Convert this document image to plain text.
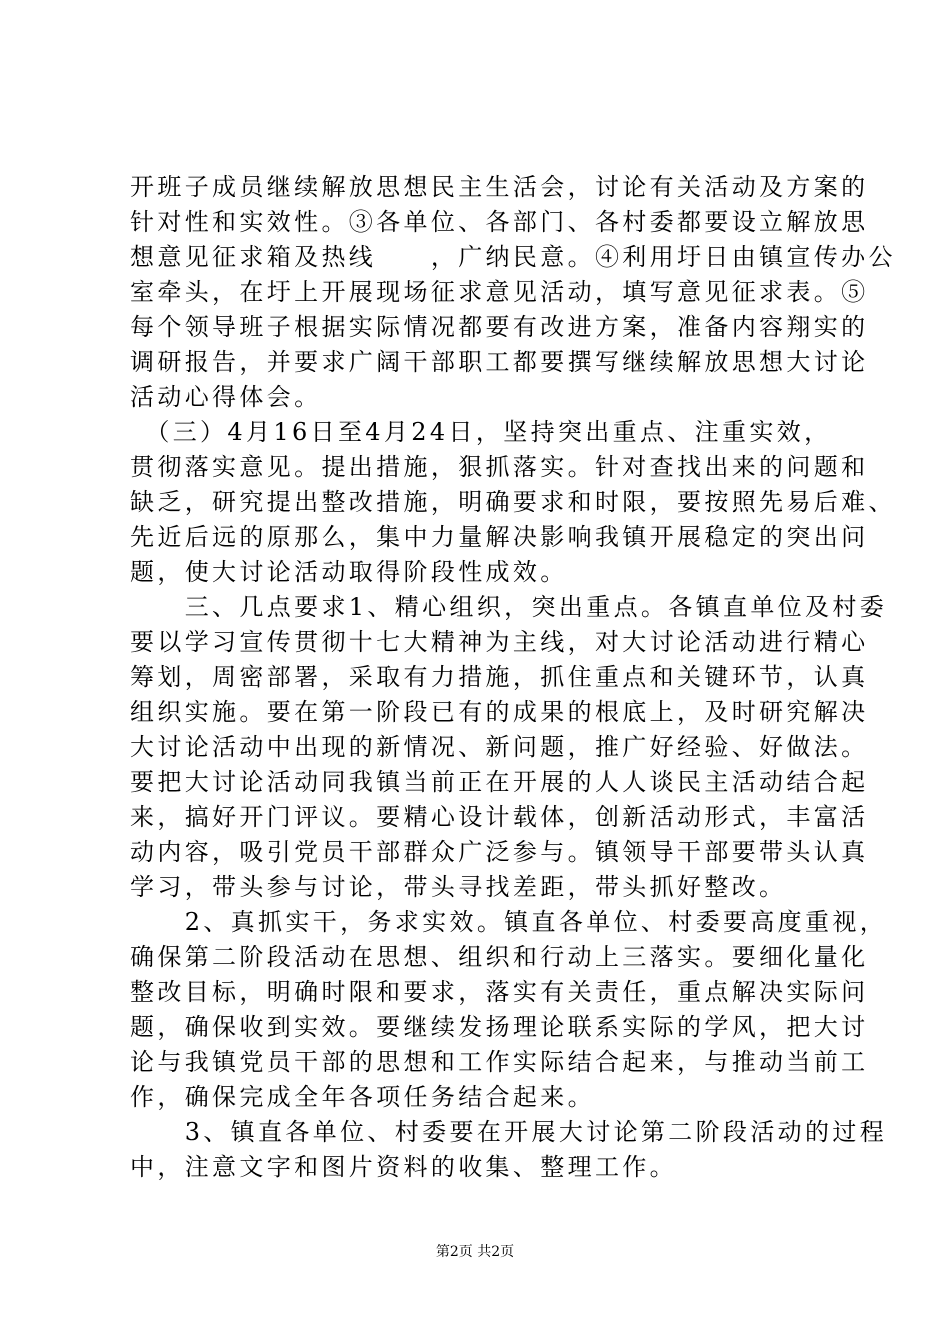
开班子成员继续解放思想民主生活会，讨论有关活动及方案的
针对性和实效性。③各单位、各部门、各村委都要设立解放思
想意见征求箱及热线　　，广纳民意。④利用圩日由镇宣传办公
室牵头，在圩上开展现场征求意见活动，填写意见征求表。⑤
每个领导班子根据实际情况都要有改进方案，准备内容翔实的
调研报告，并要求广阔干部职工都要撰写继续解放思想大讨论
活动心得体会。
　（三）4月16日至4月24日，坚持突出重点、注重实效，
贯彻落实意见。提出措施，狠抓落实。针对查找出来的问题和
缺乏，研究提出整改措施，明确要求和时限，要按照先易后难、
先近后远的原那么，集中力量解决影响我镇开展稳定的突出问
题，使大讨论活动取得阶段性成效。
　　三、几点要求1、精心组织，突出重点。各镇直单位及村委
要以学习宣传贯彻十七大精神为主线，对大讨论活动进行精心
筹划，周密部署，采取有力措施，抓住重点和关键环节，认真
组织实施。要在第一阶段已有的成果的根底上，及时研究解决
大讨论活动中出现的新情况、新问题，推广好经验、好做法。
要把大讨论活动同我镇当前正在开展的人人谈民主活动结合起
来，搞好开门评议。要精心设计载体，创新活动形式，丰富活
动内容，吸引党员干部群众广泛参与。镇领导干部要带头认真
学习，带头参与讨论，带头寻找差距，带头抓好整改。
　　2、真抓实干，务求实效。镇直各单位、村委要高度重视，
确保第二阶段活动在思想、组织和行动上三落实。要细化量化
整改目标，明确时限和要求，落实有关责任，重点解决实际问
题，确保收到实效。要继续发扬理论联系实际的学风，把大讨
论与我镇党员干部的思想和工作实际结合起来，与推动当前工
作，确保完成全年各项任务结合起来。
　　3、镇直各单位、村委要在开展大讨论第二阶段活动的过程
中，注意文字和图片资料的收集、整理工作。
第2页 共2页
